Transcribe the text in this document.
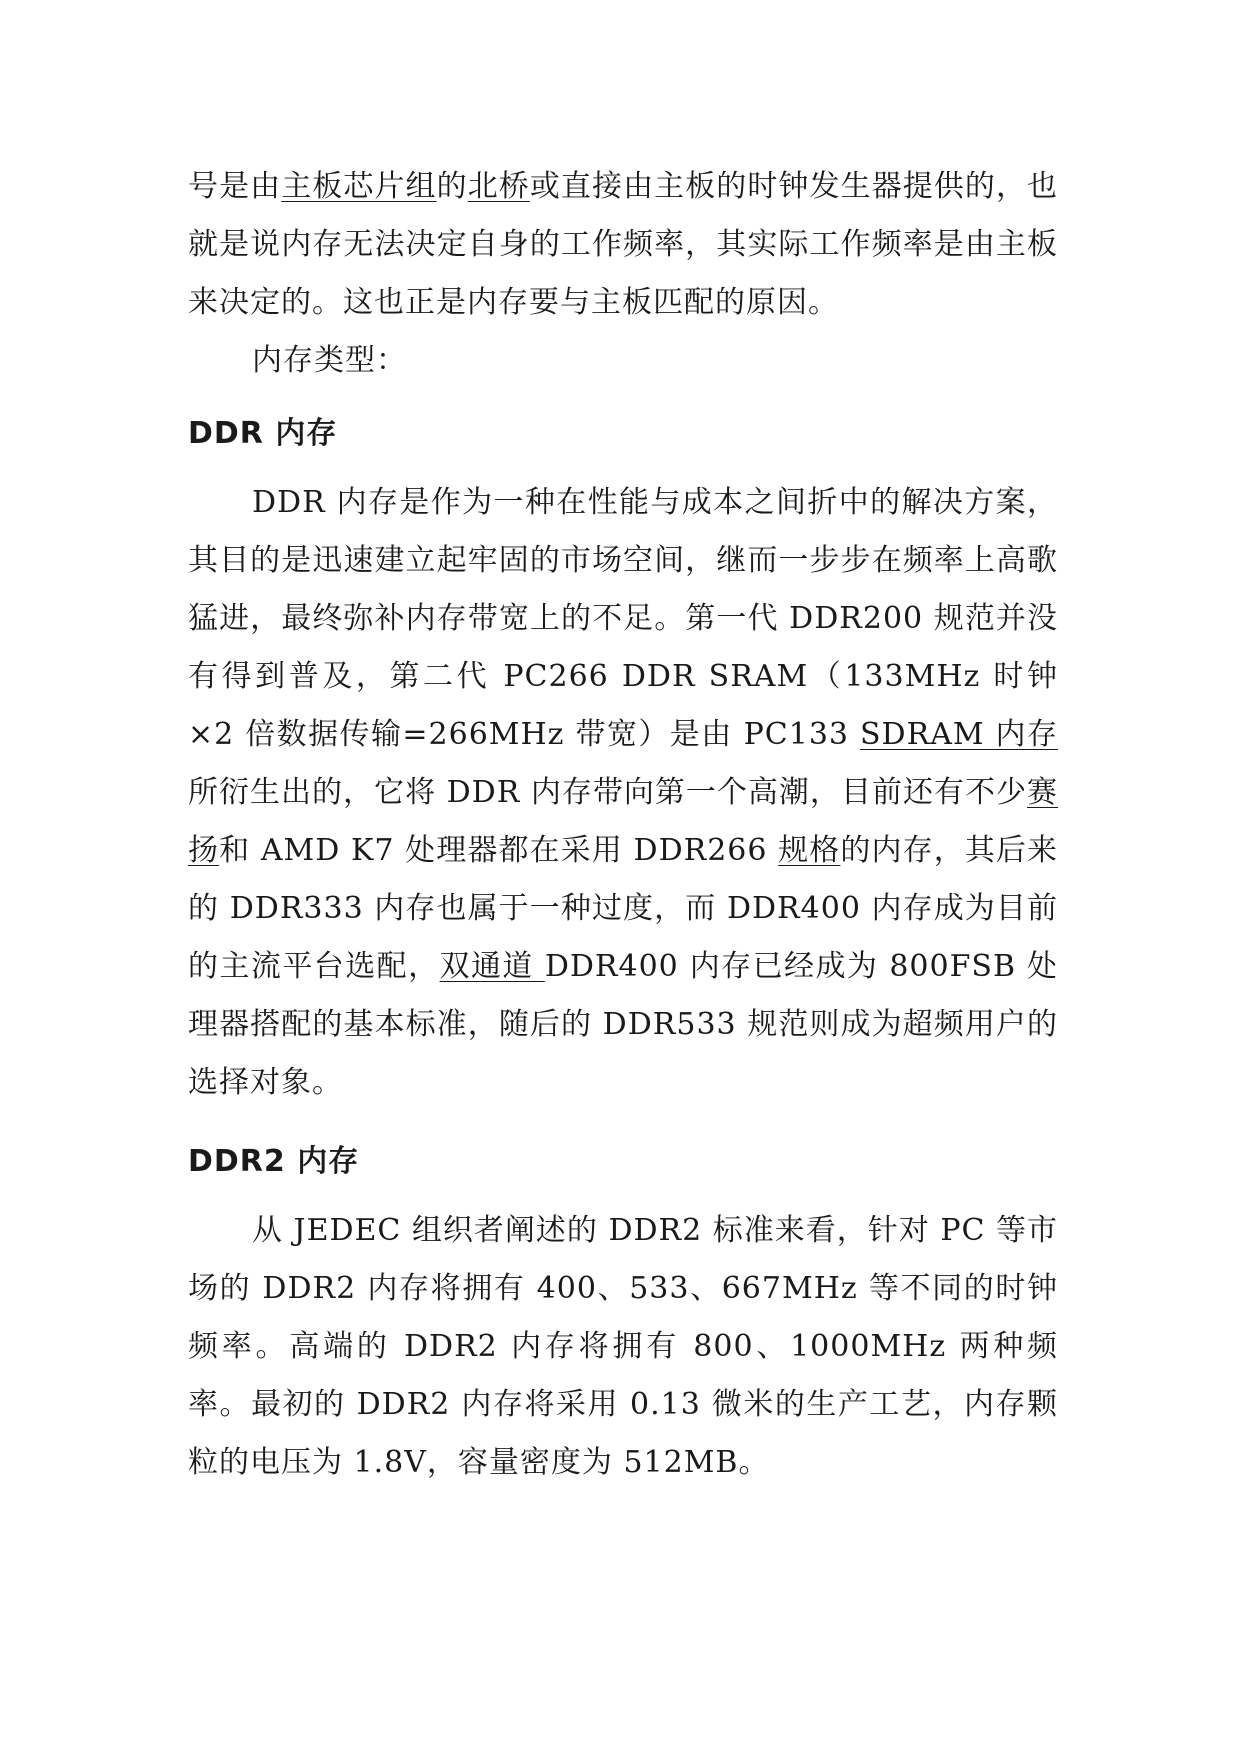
号是由主板芯片组的北桥或直接由主板的时钟发生器提供的，也就是说内存无法决定自身的工作频率，其实际工作频率是由主板来决定的。这也正是内存要与主板匹配的原因。

内存类型：

DDR 内存

DDR 内存是作为一种在性能与成本之间折中的解决方案，其目的是迅速建立起牢固的市场空间，继而一步步在频率上高歌猛进，最终弥补内存带宽上的不足。第一代 DDR200 规范并没有得到普及，第二代 PC266 DDR SRAM（133MHz 时钟×2 倍数据传输=266MHz 带宽）是由 PC133 SDRAM 内存所衍生出的，它将 DDR 内存带向第一个高潮，目前还有不少赛扬和 AMD K7 处理器都在采用 DDR266 规格的内存，其后来的 DDR333 内存也属于一种过度，而 DDR400 内存成为目前的主流平台选配，双通道 DDR400 内存已经成为 800FSB 处理器搭配的基本标准，随后的 DDR533 规范则成为超频用户的选择对象。

DDR2 内存

从 JEDEC 组织者阐述的 DDR2 标准来看，针对 PC 等市场的 DDR2 内存将拥有 400、533、667MHz 等不同的时钟频率。高端的 DDR2 内存将拥有 800、1000MHz 两种频率。最初的 DDR2 内存将采用 0.13 微米的生产工艺，内存颗粒的电压为 1.8V，容量密度为 512MB。
